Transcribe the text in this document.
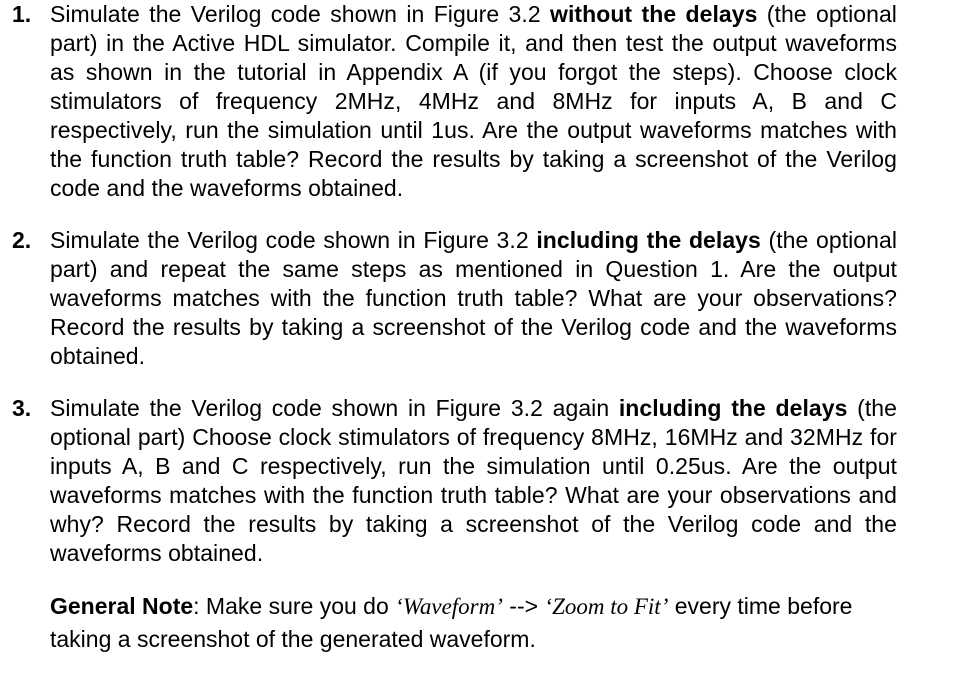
1. Simulate the Verilog code shown in Figure 3.2 without the delays (the optional part) in the Active HDL simulator. Compile it, and then test the output waveforms as shown in the tutorial in Appendix A (if you forgot the steps). Choose clock stimulators of frequency 2MHz, 4MHz and 8MHz for inputs A, B and C respectively, run the simulation until 1us. Are the output waveforms matches with the function truth table? Record the results by taking a screenshot of the Verilog code and the waveforms obtained.
2. Simulate the Verilog code shown in Figure 3.2 including the delays (the optional part) and repeat the same steps as mentioned in Question 1. Are the output waveforms matches with the function truth table? What are your observations? Record the results by taking a screenshot of the Verilog code and the waveforms obtained.
3. Simulate the Verilog code shown in Figure 3.2 again including the delays (the optional part) Choose clock stimulators of frequency 8MHz, 16MHz and 32MHz for inputs A, B and C respectively, run the simulation until 0.25us. Are the output waveforms matches with the function truth table? What are your observations and why? Record the results by taking a screenshot of the Verilog code and the waveforms obtained.
General Note: Make sure you do ‘Waveform’ --> ‘Zoom to Fit’ every time before taking a screenshot of the generated waveform.
